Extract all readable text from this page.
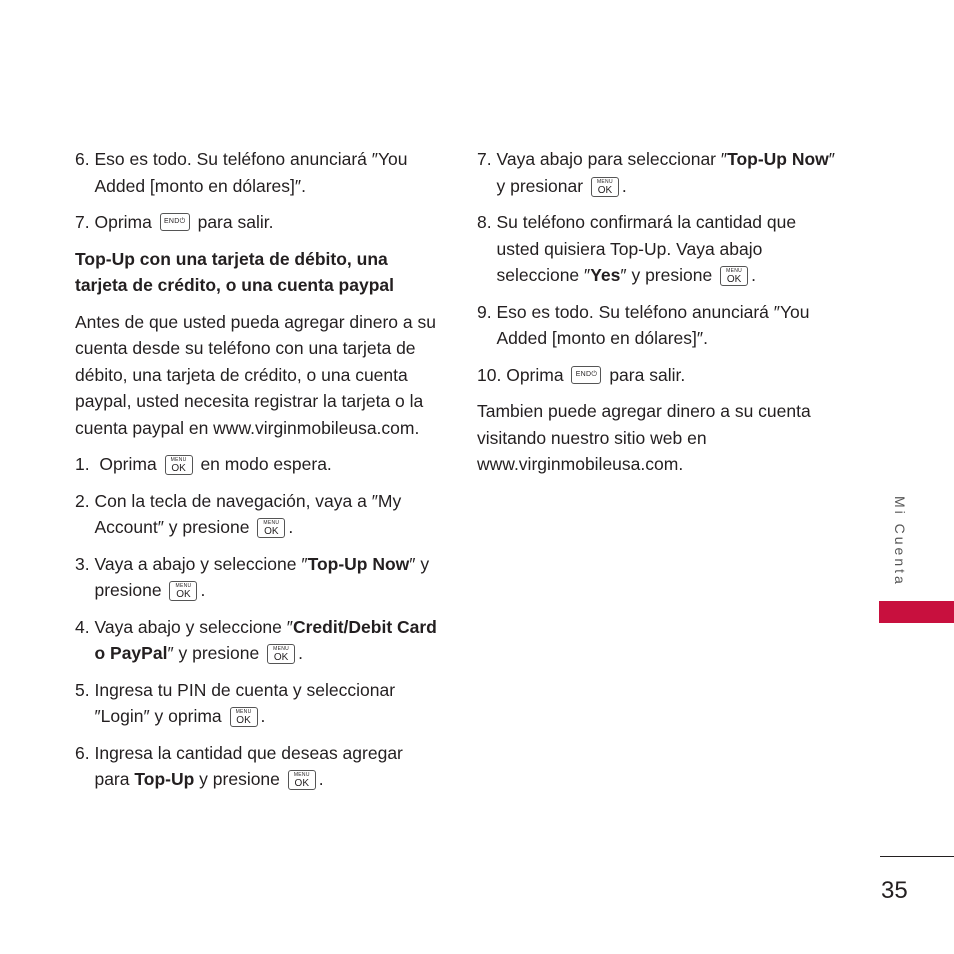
6. Eso es todo. Su teléfono anunciará ″You Added [monto en dólares]″.
7. Oprima	END⏻ para salir.
Top-Up con una tarjeta de débito, una tarjeta de crédito, o una cuenta paypal
Antes de que usted pueda agregar dinero a su cuenta desde su teléfono con una tarjeta de débito, una tarjeta de crédito, o una cuenta paypal, usted necesita registrar la tarjeta o la cuenta paypal en www.virginmobileusa.com.
1. Oprima	MENU
OK en modo espera.
2. Con la tecla de navegación, vaya a ″My Account″ y presione	MENU
OK .
3. Vaya a abajo y seleccione ″Top-Up Now″ y presione	MENU
OK .
4. Vaya abajo y seleccione ″Credit/Debit Card o PayPal″ y presione	MENU
OK .
5. Ingresa tu PIN de cuenta y seleccionar ″Login″ y oprima	MENU
OK .
6. Ingresa la cantidad que deseas agregar para Top-Up y presione	MENU
OK .
7. Vaya abajo para seleccionar ″Top-Up Now″ y presionar	MENU
OK .
8. Su teléfono confirmará la cantidad que usted quisiera Top-Up. Vaya abajo seleccione ″Yes″ y presione	MENU
OK .
9. Eso es todo. Su teléfono anunciará ″You Added [monto en dólares]″.
10. Oprima	END⏻ para salir.
Tambien puede agregar dinero a su cuenta visitando nuestro sitio web en www.virginmobileusa.com.
Mi Cuenta
35
